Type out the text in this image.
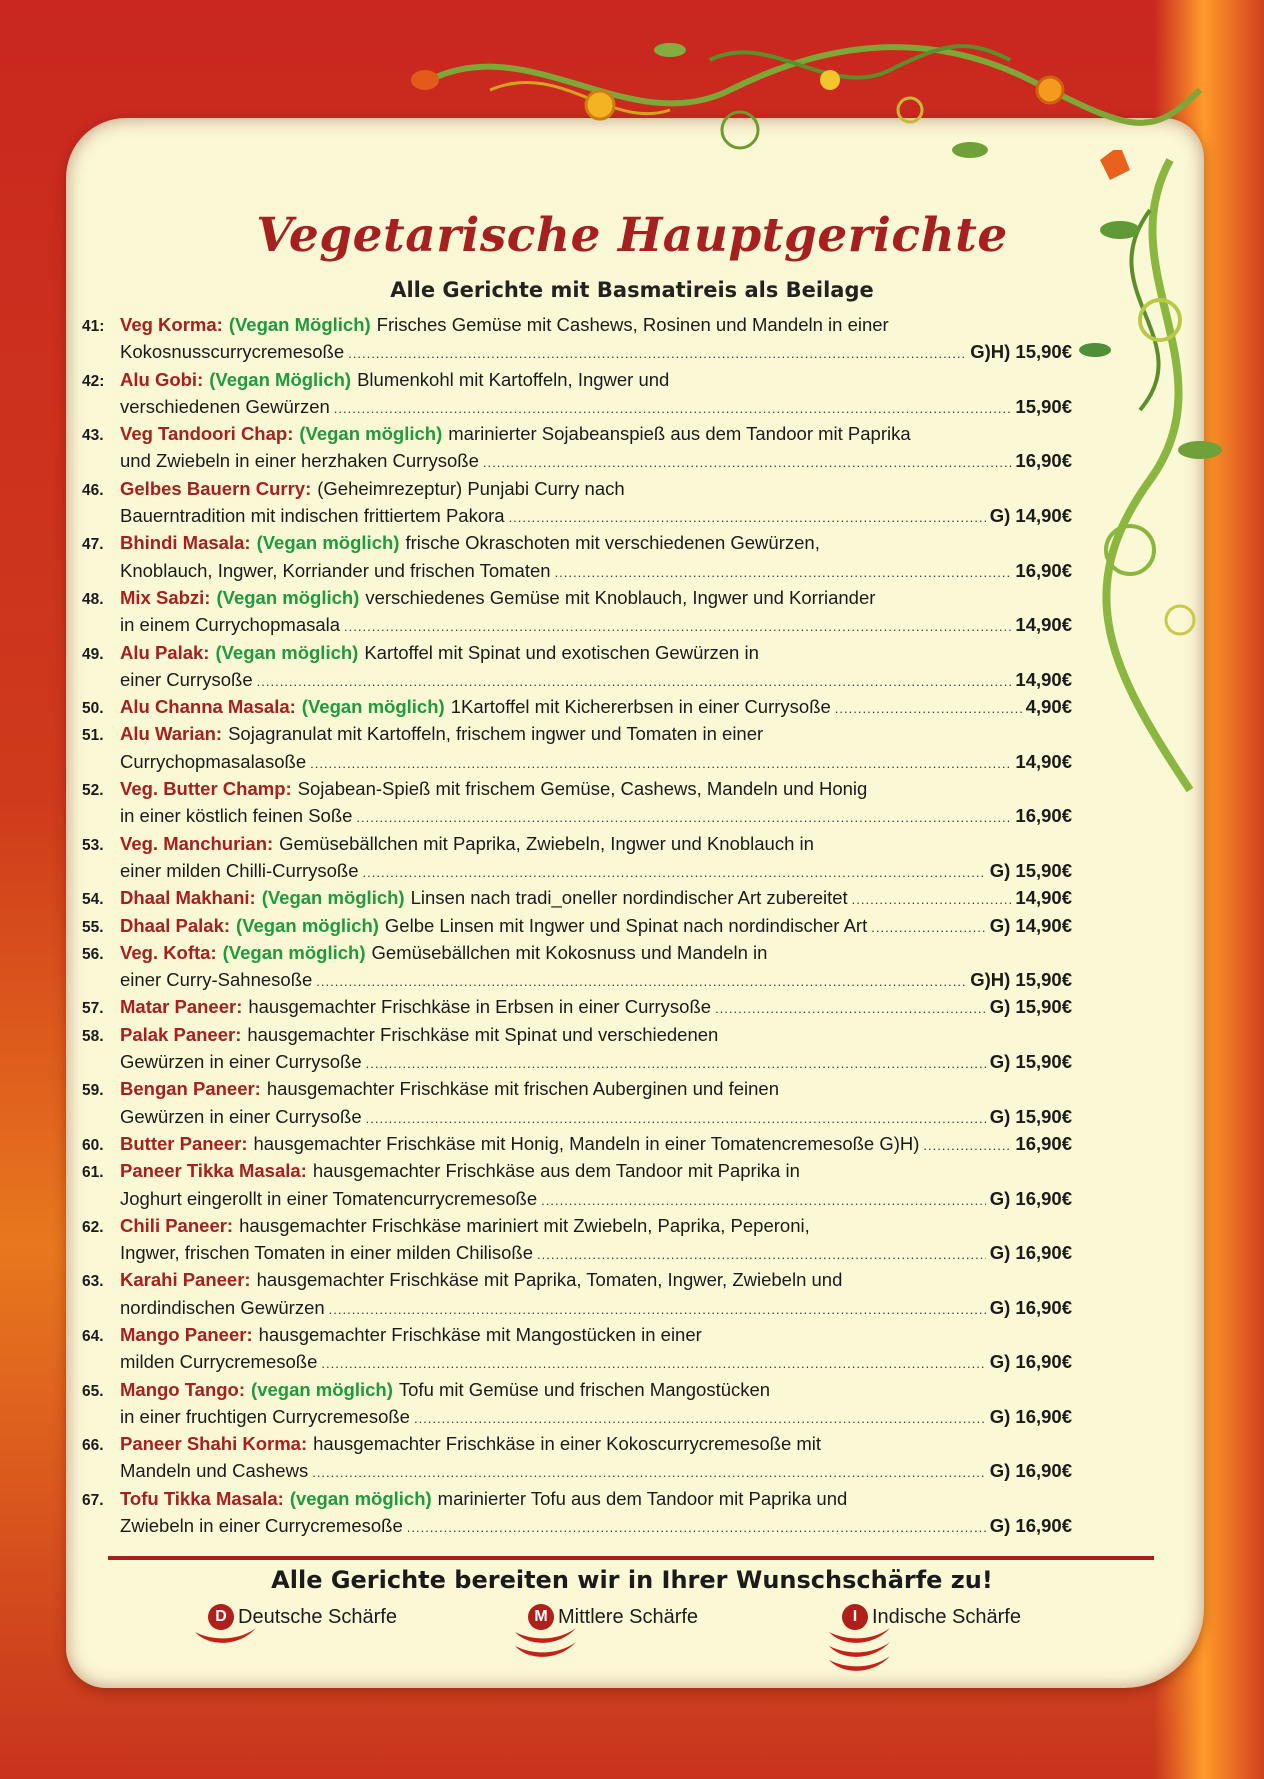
Vegetarische Hauptgerichte
Alle Gerichte mit Basmatireis als Beilage
41: Veg Korma: (Vegan Möglich) Frisches Gemüse mit Cashews, Rosinen und Mandeln in einer
Kokosnusscurrycremesoße .....	G)H) 15,90€
42: Alu Gobi: (Vegan Möglich) Blumenkohl mit Kartoffeln, Ingwer und
verschiedenen Gewürzen .....	15,90€
43. Veg Tandoori Chap: (Vegan möglich) marinierter Sojabeanspieß aus dem Tandoor mit Paprika
und Zwiebeln in einer herzhaken Currysoße .....	16,90€
46. Gelbes Bauern Curry: (Geheimrezeptur) Punjabi Curry nach
Bauerntradition mit indischen frittiertem Pakora .....	G) 14,90€
47. Bhindi Masala: (Vegan möglich) frische Okraschoten mit verschiedenen Gewürzen,
Knoblauch, Ingwer, Korriander und frischen Tomaten .....	16,90€
48. Mix Sabzi: (Vegan möglich) verschiedenes Gemüse mit Knoblauch, Ingwer und Korriander
in einem Currychopmasala .....	14,90€
49. Alu Palak: (Vegan möglich) Kartoffel mit Spinat und exotischen Gewürzen in
einer Currysoße .....	14,90€
50. Alu Channa Masala: (Vegan möglich) 1Kartoffel mit Kichererbsen in einer Currysoße .....	4,90€
51. Alu Warian: Sojagranulat mit Kartoffeln, frischem ingwer und Tomaten in einer
Currychopmasalasoße .....	14,90€
52. Veg. Butter Champ: Sojabean-Spieß mit frischem Gemüse, Cashews, Mandeln und Honig
in einer köstlich feinen Soße .....	16,90€
53. Veg. Manchurian: Gemüsebällchen mit Paprika, Zwiebeln, Ingwer und Knoblauch in
einer milden Chilli-Currysoße .....	G) 15,90€
54. Dhaal Makhani: (Vegan möglich) Linsen nach tradi_oneller nordindischer Art zubereitet .....	14,90€
55. Dhaal Palak: (Vegan möglich) Gelbe Linsen mit Ingwer und Spinat nach nordindischer Art .....	G) 14,90€
56. Veg. Kofta: (Vegan möglich) Gemüsebällchen mit Kokosnuss und Mandeln in
einer Curry-Sahnesoße .....	G)H) 15,90€
57. Matar Paneer: hausgemachter Frischkäse in Erbsen in einer Currysoße .....	G) 15,90€
58. Palak Paneer: hausgemachter Frischkäse mit Spinat und verschiedenen
Gewürzen in einer Currysoße .....	G) 15,90€
59. Bengan Paneer: hausgemachter Frischkäse mit frischen Auberginen und feinen
Gewürzen in einer Currysoße .....	G) 15,90€
60. Butter Paneer: hausgemachter Frischkäse mit Honig, Mandeln in einer Tomatencremesoße G)H) .....	16,90€
61. Paneer Tikka Masala: hausgemachter Frischkäse aus dem Tandoor mit Paprika in
Joghurt eingerollt in einer Tomatencurrycremesoße .....	G) 16,90€
62. Chili Paneer: hausgemachter Frischkäse mariniert mit Zwiebeln, Paprika, Peperoni,
Ingwer, frischen Tomaten in einer milden Chilisoße .....	G) 16,90€
63. Karahi Paneer: hausgemachter Frischkäse mit Paprika, Tomaten, Ingwer, Zwiebeln und
nordindischen Gewürzen .....	G) 16,90€
64. Mango Paneer: hausgemachter Frischkäse mit Mangostücken in einer
milden Currycremesoße .....	G) 16,90€
65. Mango Tango: (vegan möglich) Tofu mit Gemüse und frischen Mangostücken
in einer fruchtigen Currycremesoße .....	G) 16,90€
66. Paneer Shahi Korma: hausgemachter Frischkäse in einer Kokoscurrycremesoße mit
Mandeln und Cashews .....	G) 16,90€
67. Tofu Tikka Masala: (vegan möglich) marinierter Tofu aus dem Tandoor mit Paprika und
Zwiebeln in einer Currycremesoße .....	G) 16,90€
Alle Gerichte bereiten wir in Ihrer Wunschschärfe zu!
D Deutsche Schärfe	M Mittlere Schärfe	I Indische Schärfe
